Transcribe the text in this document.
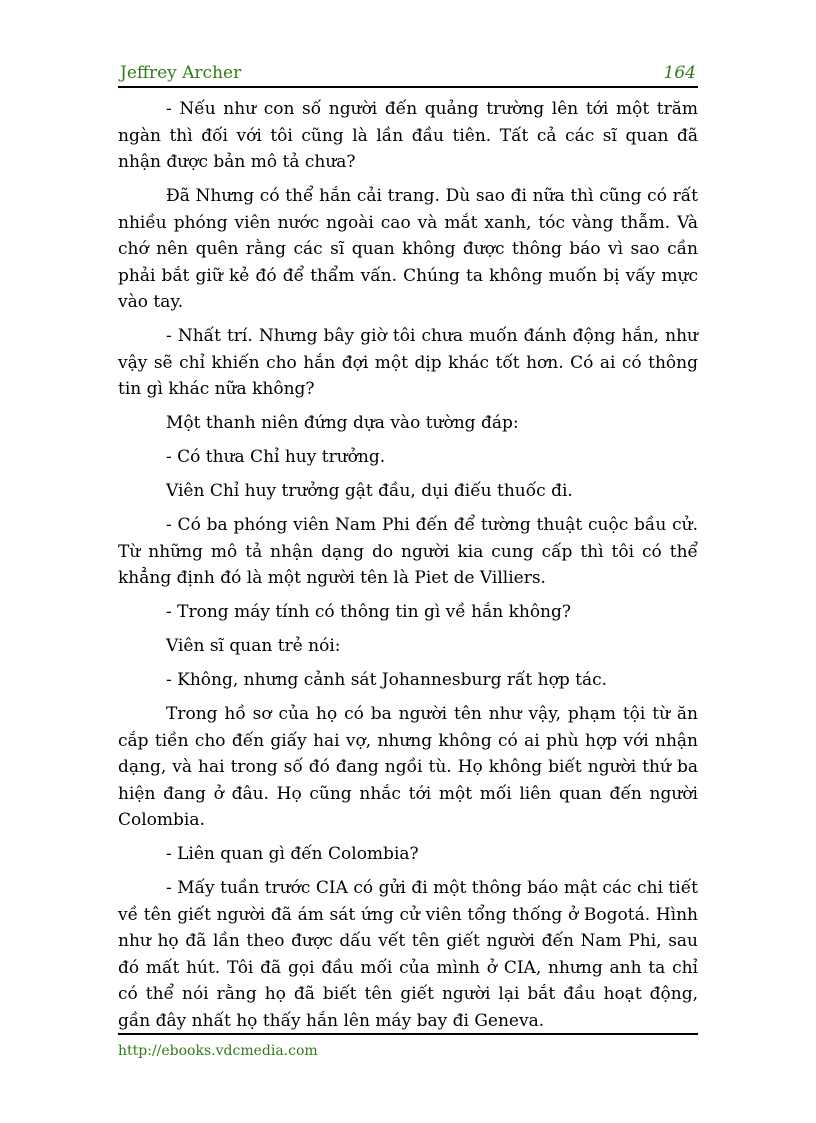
Jeffrey Archer	164

- Nếu như con số người đến quảng trường lên tới một trăm ngàn thì đối với tôi cũng là lần đầu tiên. Tất cả các sĩ quan đã nhận được bản mô tả chưa?

Đã Nhưng có thể hắn cải trang. Dù sao đi nữa thì cũng có rất nhiều phóng viên nước ngoài cao và mắt xanh, tóc vàng thẫm. Và chớ nên quên rằng các sĩ quan không được thông báo vì sao cần phải bắt giữ kẻ đó để thẩm vấn. Chúng ta không muốn bị vấy mực vào tay.

- Nhất trí. Nhưng bây giờ tôi chưa muốn đánh động hắn, như vậy sẽ chỉ khiến cho hắn đợi một dịp khác tốt hơn. Có ai có thông tin gì khác nữa không?

Một thanh niên đứng dựa vào tường đáp:

- Có thưa Chỉ huy trưởng.

Viên Chỉ huy trưởng gật đầu, dụi điếu thuốc đi.

- Có ba phóng viên Nam Phi đến để tường thuật cuộc bầu cử. Từ những mô tả nhận dạng do người kia cung cấp thì tôi có thể khẳng định đó là một người tên là Piet de Villiers.

- Trong máy tính có thông tin gì về hắn không?

Viên sĩ quan trẻ nói:

- Không, nhưng cảnh sát Johannesburg rất hợp tác.

Trong hồ sơ của họ có ba người tên như vậy, phạm tội từ ăn cắp tiền cho đến giấy hai vợ, nhưng không có ai phù hợp với nhận dạng, và hai trong số đó đang ngồi tù. Họ không biết người thứ ba hiện đang ở đâu. Họ cũng nhắc tới một mối liên quan đến người Colombia.

- Liên quan gì đến Colombia?

- Mấy tuần trước CIA có gửi đi một thông báo mật các chi tiết về tên giết người đã ám sát ứng cử viên tổng thống ở Bogotá. Hình như họ đã lần theo được dấu vết tên giết người đến Nam Phi, sau đó mất hút. Tôi đã gọi đầu mối của mình ở CIA, nhưng anh ta chỉ có thể nói rằng họ đã biết tên giết người lại bắt đầu hoạt động, gần đây nhất họ thấy hắn lên máy bay đi Geneva.

http://ebooks.vdcmedia.com
